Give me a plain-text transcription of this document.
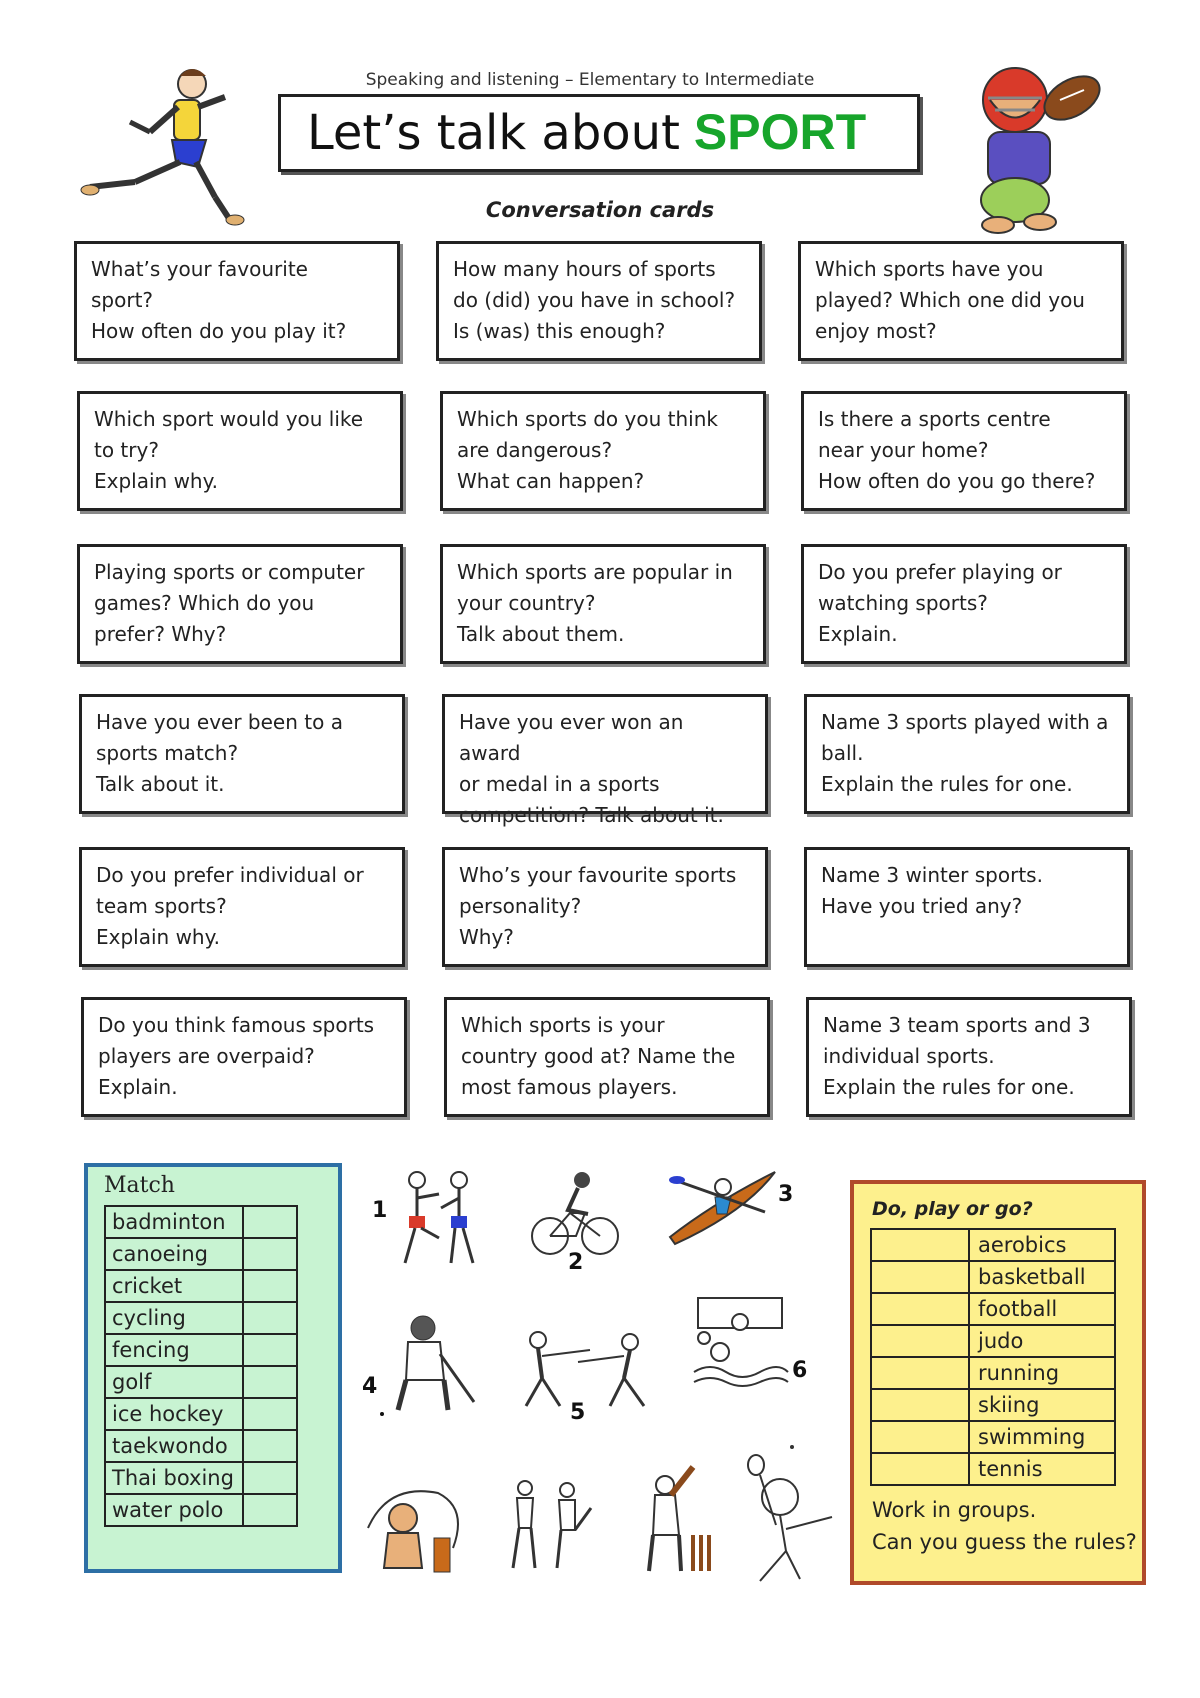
Speaking and listening – Elementary to Intermediate
Let’s talk about SPORT
Conversation cards

What’s your favourite

sport?

How often do you play it?

How many hours of sports

do (did) you have in school?

Is (was) this enough?

Which sports have you

played? Which one did you

enjoy most?

Which sport would you like

to try?

Explain why.

Which sports do you think

are dangerous?

What can happen?

Is there a sports centre

near your home?

How often do you go there?

Playing sports or computer

games? Which do you

prefer? Why?

Which sports are popular in

your country?

Talk about them.

Do you prefer playing or

watching sports?

Explain.

Have you ever been to a

sports match?

Talk about it.

Have you ever won an award

or medal in a sports

competition? Talk about it.

Name 3 sports played with a

ball.

Explain the rules for one.

Do you prefer individual or

team sports?

Explain why.

Who’s your favourite sports

personality?

Why?

Name 3 winter sports.

Have you tried any?

Do you think famous sports

players are overpaid?

Explain.

Which sports is your

country good at? Name the

most famous players.

Name 3 team sports and 3

individual sports.

Explain the rules for one.

Match
badminton	
canoeing	
cricket	
cycling	
fencing	
golf	
ice hockey	
taekwondo	
Thai boxing	
water polo	
1
2
3
4
5
6
Do, play or go?
	aerobics
	basketball
	football
	judo
	running
	skiing
	swimming
	tennis
Work in groups.
Can you guess the rules?
